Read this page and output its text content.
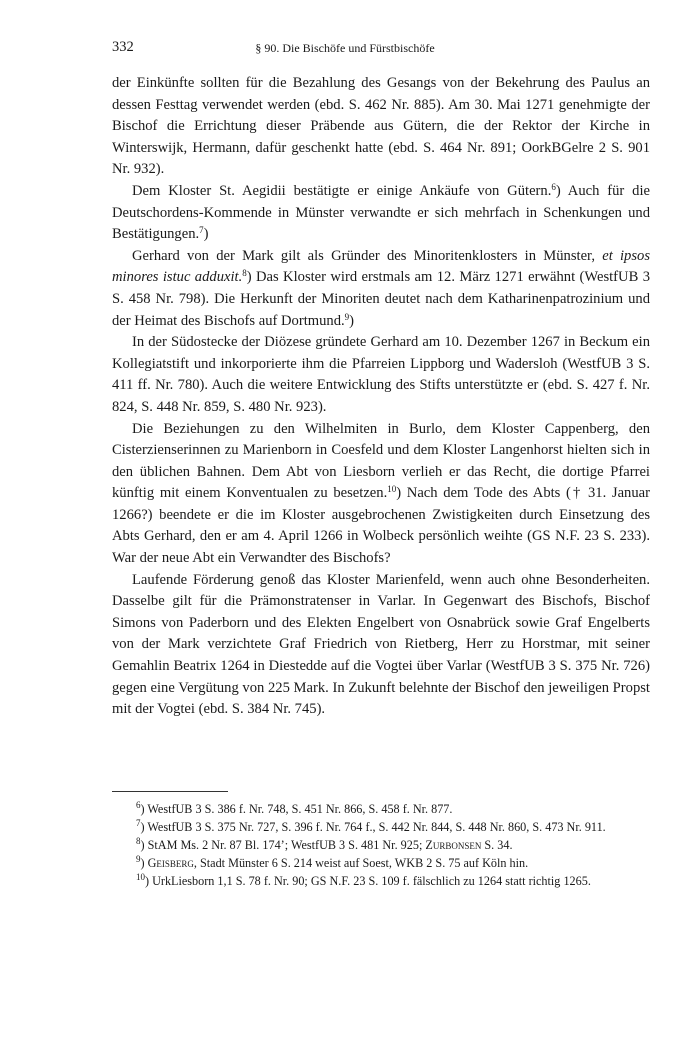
332	§ 90. Die Bischöfe und Fürstbischöfe

der Einkünfte sollten für die Bezahlung des Gesangs von der Bekehrung des Paulus an dessen Festtag verwendet werden (ebd. S. 462 Nr. 885). Am 30. Mai 1271 genehmigte der Bischof die Errichtung dieser Präbende aus Gütern, die der Rektor der Kirche in Winterswijk, Hermann, dafür geschenkt hatte (ebd. S. 464 Nr. 891; OorkBGelre 2 S. 901 Nr. 932).

Dem Kloster St. Aegidii bestätigte er einige Ankäufe von Gütern.$^6$) Auch für die Deutschordens-Kommende in Münster verwandte er sich mehrfach in Schenkungen und Bestätigungen.$^7$)

Gerhard von der Mark gilt als Gründer des Minoritenklosters in Münster, et ipsos minores istuc adduxit.$^8$) Das Kloster wird erstmals am 12. März 1271 erwähnt (WestfUB 3 S. 458 Nr. 798). Die Herkunft der Minoriten deutet nach dem Katharinenpatrozinium und der Heimat des Bischofs auf Dortmund.$^9$)

In der Südostecke der Diözese gründete Gerhard am 10. Dezember 1267 in Beckum ein Kollegiatstift und inkorporierte ihm die Pfarreien Lippborg und Wadersloh (WestfUB 3 S. 411 ff. Nr. 780). Auch die weitere Entwicklung des Stifts unterstützte er (ebd. S. 427 f. Nr. 824, S. 448 Nr. 859, S. 480 Nr. 923).

Die Beziehungen zu den Wilhelmiten in Burlo, dem Kloster Cappenberg, den Cisterzienserinnen zu Marienborn in Coesfeld und dem Kloster Langenhorst hielten sich in den üblichen Bahnen. Dem Abt von Liesborn verlieh er das Recht, die dortige Pfarrei künftig mit einem Konventualen zu besetzen.$^{10}$) Nach dem Tode des Abts († 31. Januar 1266?) beendete er die im Kloster ausgebrochenen Zwistigkeiten durch Einsetzung des Abts Gerhard, den er am 4. April 1266 in Wolbeck persönlich weihte (GS N.F. 23 S. 233). War der neue Abt ein Verwandter des Bischofs?

Laufende Förderung genoß das Kloster Marienfeld, wenn auch ohne Besonderheiten. Dasselbe gilt für die Prämonstratenser in Varlar. In Gegenwart des Bischofs, Bischof Simons von Paderborn und des Elekten Engelbert von Osnabrück sowie Graf Engelberts von der Mark verzichtete Graf Friedrich von Rietberg, Herr zu Horstmar, mit seiner Gemahlin Beatrix 1264 in Diestedde auf die Vogtei über Varlar (WestfUB 3 S. 375 Nr. 726) gegen eine Vergütung von 225 Mark. In Zukunft belehnte der Bischof den jeweiligen Propst mit der Vogtei (ebd. S. 384 Nr. 745).

$^6$) WestfUB 3 S. 386 f. Nr. 748, S. 451 Nr. 866, S. 458 f. Nr. 877.

$^7$) WestfUB 3 S. 375 Nr. 727, S. 396 f. Nr. 764 f., S. 442 Nr. 844, S. 448 Nr. 860, S. 473 Nr. 911.

$^8$) StAM Ms. 2 Nr. 87 Bl. 174’; WestfUB 3 S. 481 Nr. 925; Zurbonsen S. 34.

$^9$) Geisberg, Stadt Münster 6 S. 214 weist auf Soest, WKB 2 S. 75 auf Köln hin.

$^{10}$) UrkLiesborn 1,1 S. 78 f. Nr. 90; GS N.F. 23 S. 109 f. fälschlich zu 1264 statt richtig 1265.
